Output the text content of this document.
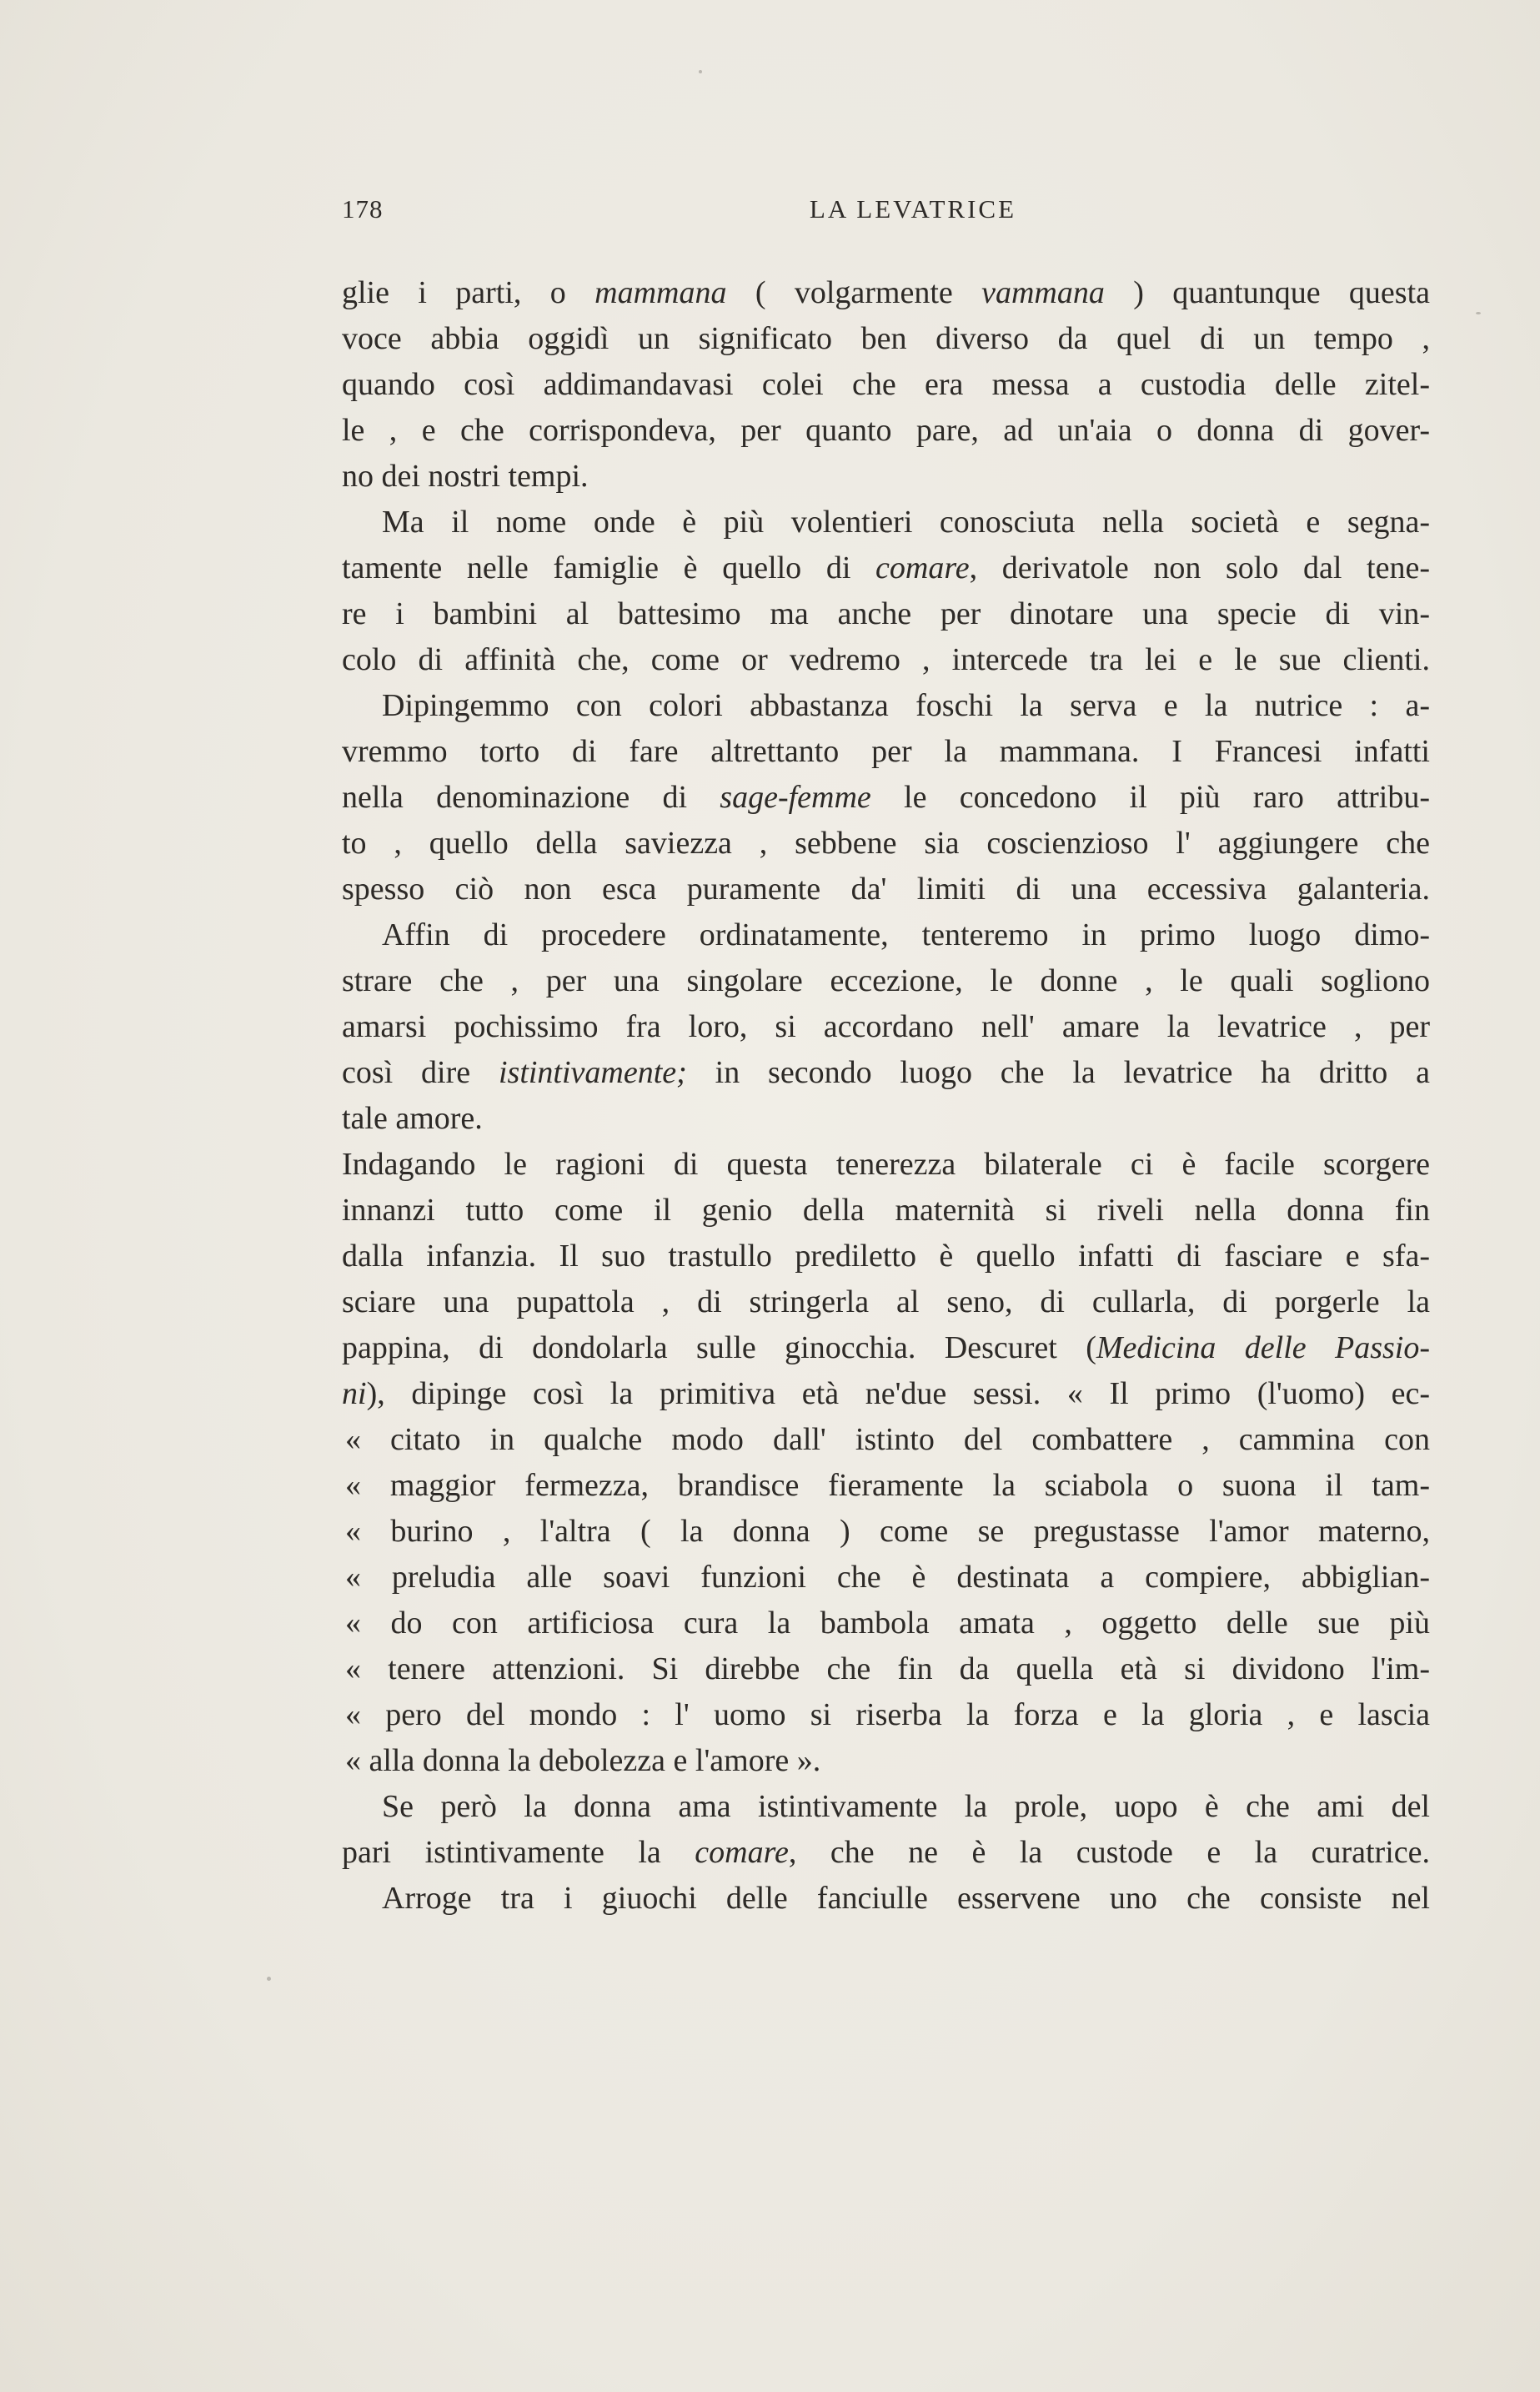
178	LA LEVATRICE
glie i parti, o mammana ( volgarmente vammana ) quantunque questa
voce abbia oggidì un significato ben diverso da quel di un tempo ,
quando così addimandavasi colei che era messa a custodia delle zitel-
le , e che corrispondeva, per quanto pare, ad un'aia o donna di gover-
no dei nostri tempi.
Ma il nome onde è più volentieri conosciuta nella società e segna-
tamente nelle famiglie è quello di comare, derivatole non solo dal tene-
re i bambini al battesimo ma anche per dinotare una specie di vin-
colo di affinità che, come or vedremo , intercede tra lei e le sue clienti.
Dipingemmo con colori abbastanza foschi la serva e la nutrice : a-
vremmo torto di fare altrettanto per la mammana. I Francesi infatti
nella denominazione di sage-femme le concedono il più raro attribu-
to , quello della saviezza , sebbene sia coscienzioso l' aggiungere che
spesso ciò non esca puramente da' limiti di una eccessiva galanteria.
Affin di procedere ordinatamente, tenteremo in primo luogo dimo-
strare che , per una singolare eccezione, le donne , le quali sogliono
amarsi pochissimo fra loro, si accordano nell' amare la levatrice , per
così dire istintivamente; in secondo luogo che la levatrice ha dritto a
tale amore.
Indagando le ragioni di questa tenerezza bilaterale ci è facile scorgere
innanzi tutto come il genio della maternità si riveli nella donna fin
dalla infanzia. Il suo trastullo prediletto è quello infatti di fasciare e sfa-
sciare una pupattola , di stringerla al seno, di cullarla, di porgerle la
pappina, di dondolarla sulle ginocchia. Descuret (Medicina delle Passio-
ni), dipinge così la primitiva età ne'due sessi. « Il primo (l'uomo) ec-
« citato in qualche modo dall' istinto del combattere , cammina con
« maggior fermezza, brandisce fieramente la sciabola o suona il tam-
« burino , l'altra ( la donna ) come se pregustasse l'amor materno,
« preludia alle soavi funzioni che è destinata a compiere, abbiglian-
« do con artificiosa cura la bambola amata , oggetto delle sue più
« tenere attenzioni. Si direbbe che fin da quella età si dividono l'im-
« pero del mondo : l' uomo si riserba la forza e la gloria , e lascia
« alla donna la debolezza e l'amore ».
Se però la donna ama istintivamente la prole, uopo è che ami del
pari istintivamente la comare, che ne è la custode e la curatrice.
Arroge tra i giuochi delle fanciulle esservene uno che consiste nel
